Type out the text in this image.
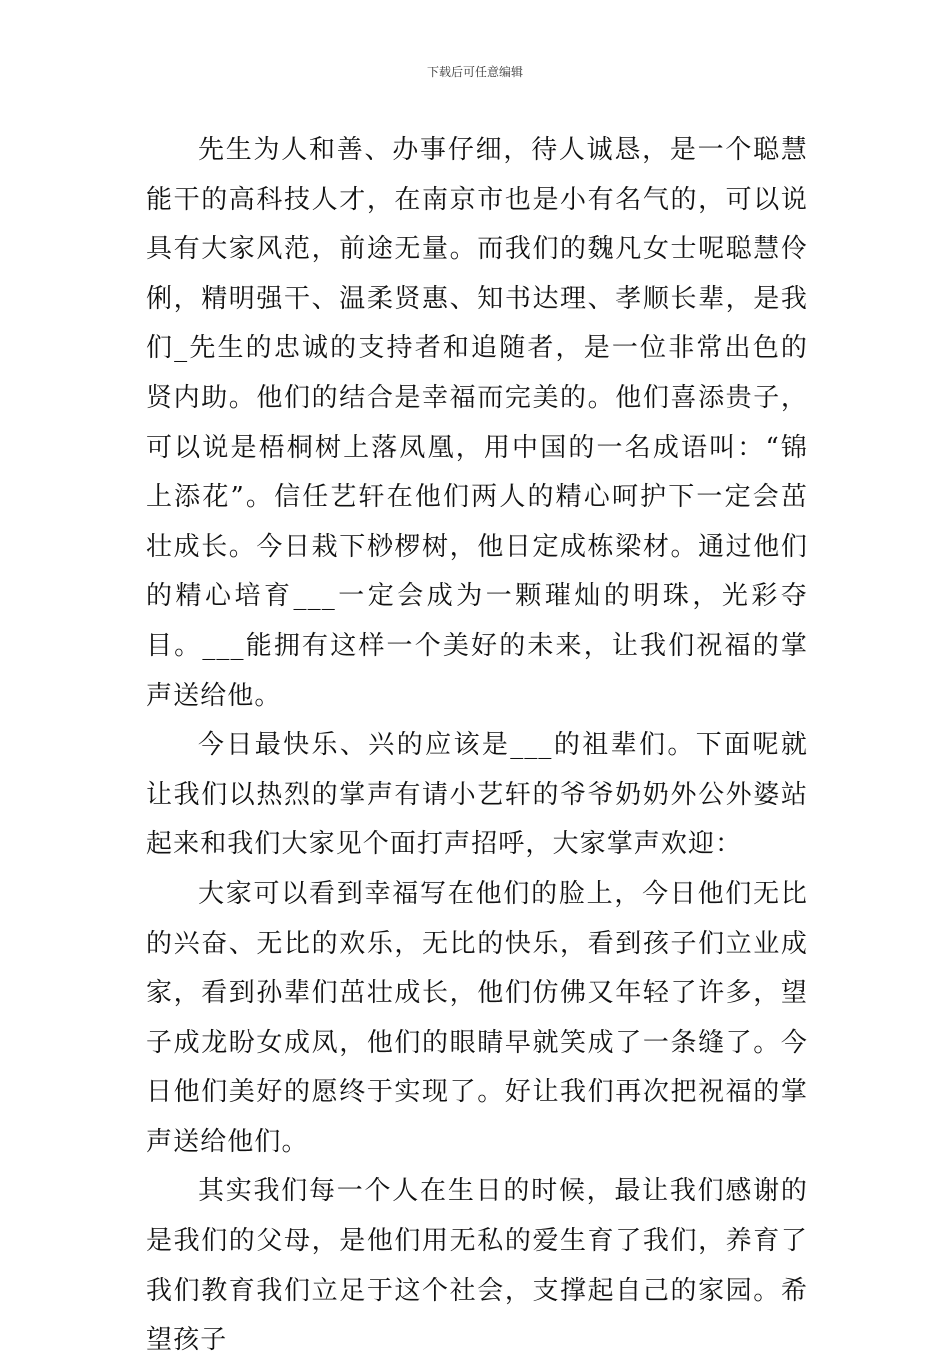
下载后可任意编辑

先生为人和善、办事仔细，待人诚恳，是一个聪慧能干的高科技人才，在南京市也是小有名气的，可以说具有大家风范，前途无量。而我们的魏凡女士呢聪慧伶俐，精明强干、温柔贤惠、知书达理、孝顺长辈，是我们_先生的忠诚的支持者和追随者，是一位非常出色的贤内助。他们的结合是幸福而完美的。他们喜添贵子，可以说是梧桐树上落凤凰，用中国的一名成语叫：“锦上添花”。信任艺轩在他们两人的精心呵护下一定会茁壮成长。今日栽下桫椤树，他日定成栋梁材。通过他们的精心培育___一定会成为一颗璀灿的明珠，光彩夺目。___能拥有这样一个美好的未来，让我们祝福的掌声送给他。

今日最快乐、兴的应该是___的祖辈们。下面呢就让我们以热烈的掌声有请小艺轩的爷爷奶奶外公外婆站起来和我们大家见个面打声招呼，大家掌声欢迎：

大家可以看到幸福写在他们的脸上，今日他们无比的兴奋、无比的欢乐，无比的快乐，看到孩子们立业成家，看到孙辈们茁壮成长，他们仿佛又年轻了许多，望子成龙盼女成凤，他们的眼睛早就笑成了一条缝了。今日他们美好的愿终于实现了。好让我们再次把祝福的掌声送给他们。

其实我们每一个人在生日的时候，最让我们感谢的是我们的父母，是他们用无私的爱生育了我们，养育了我们教育我们立足于这个社会，支撑起自己的家园。希望孩子
